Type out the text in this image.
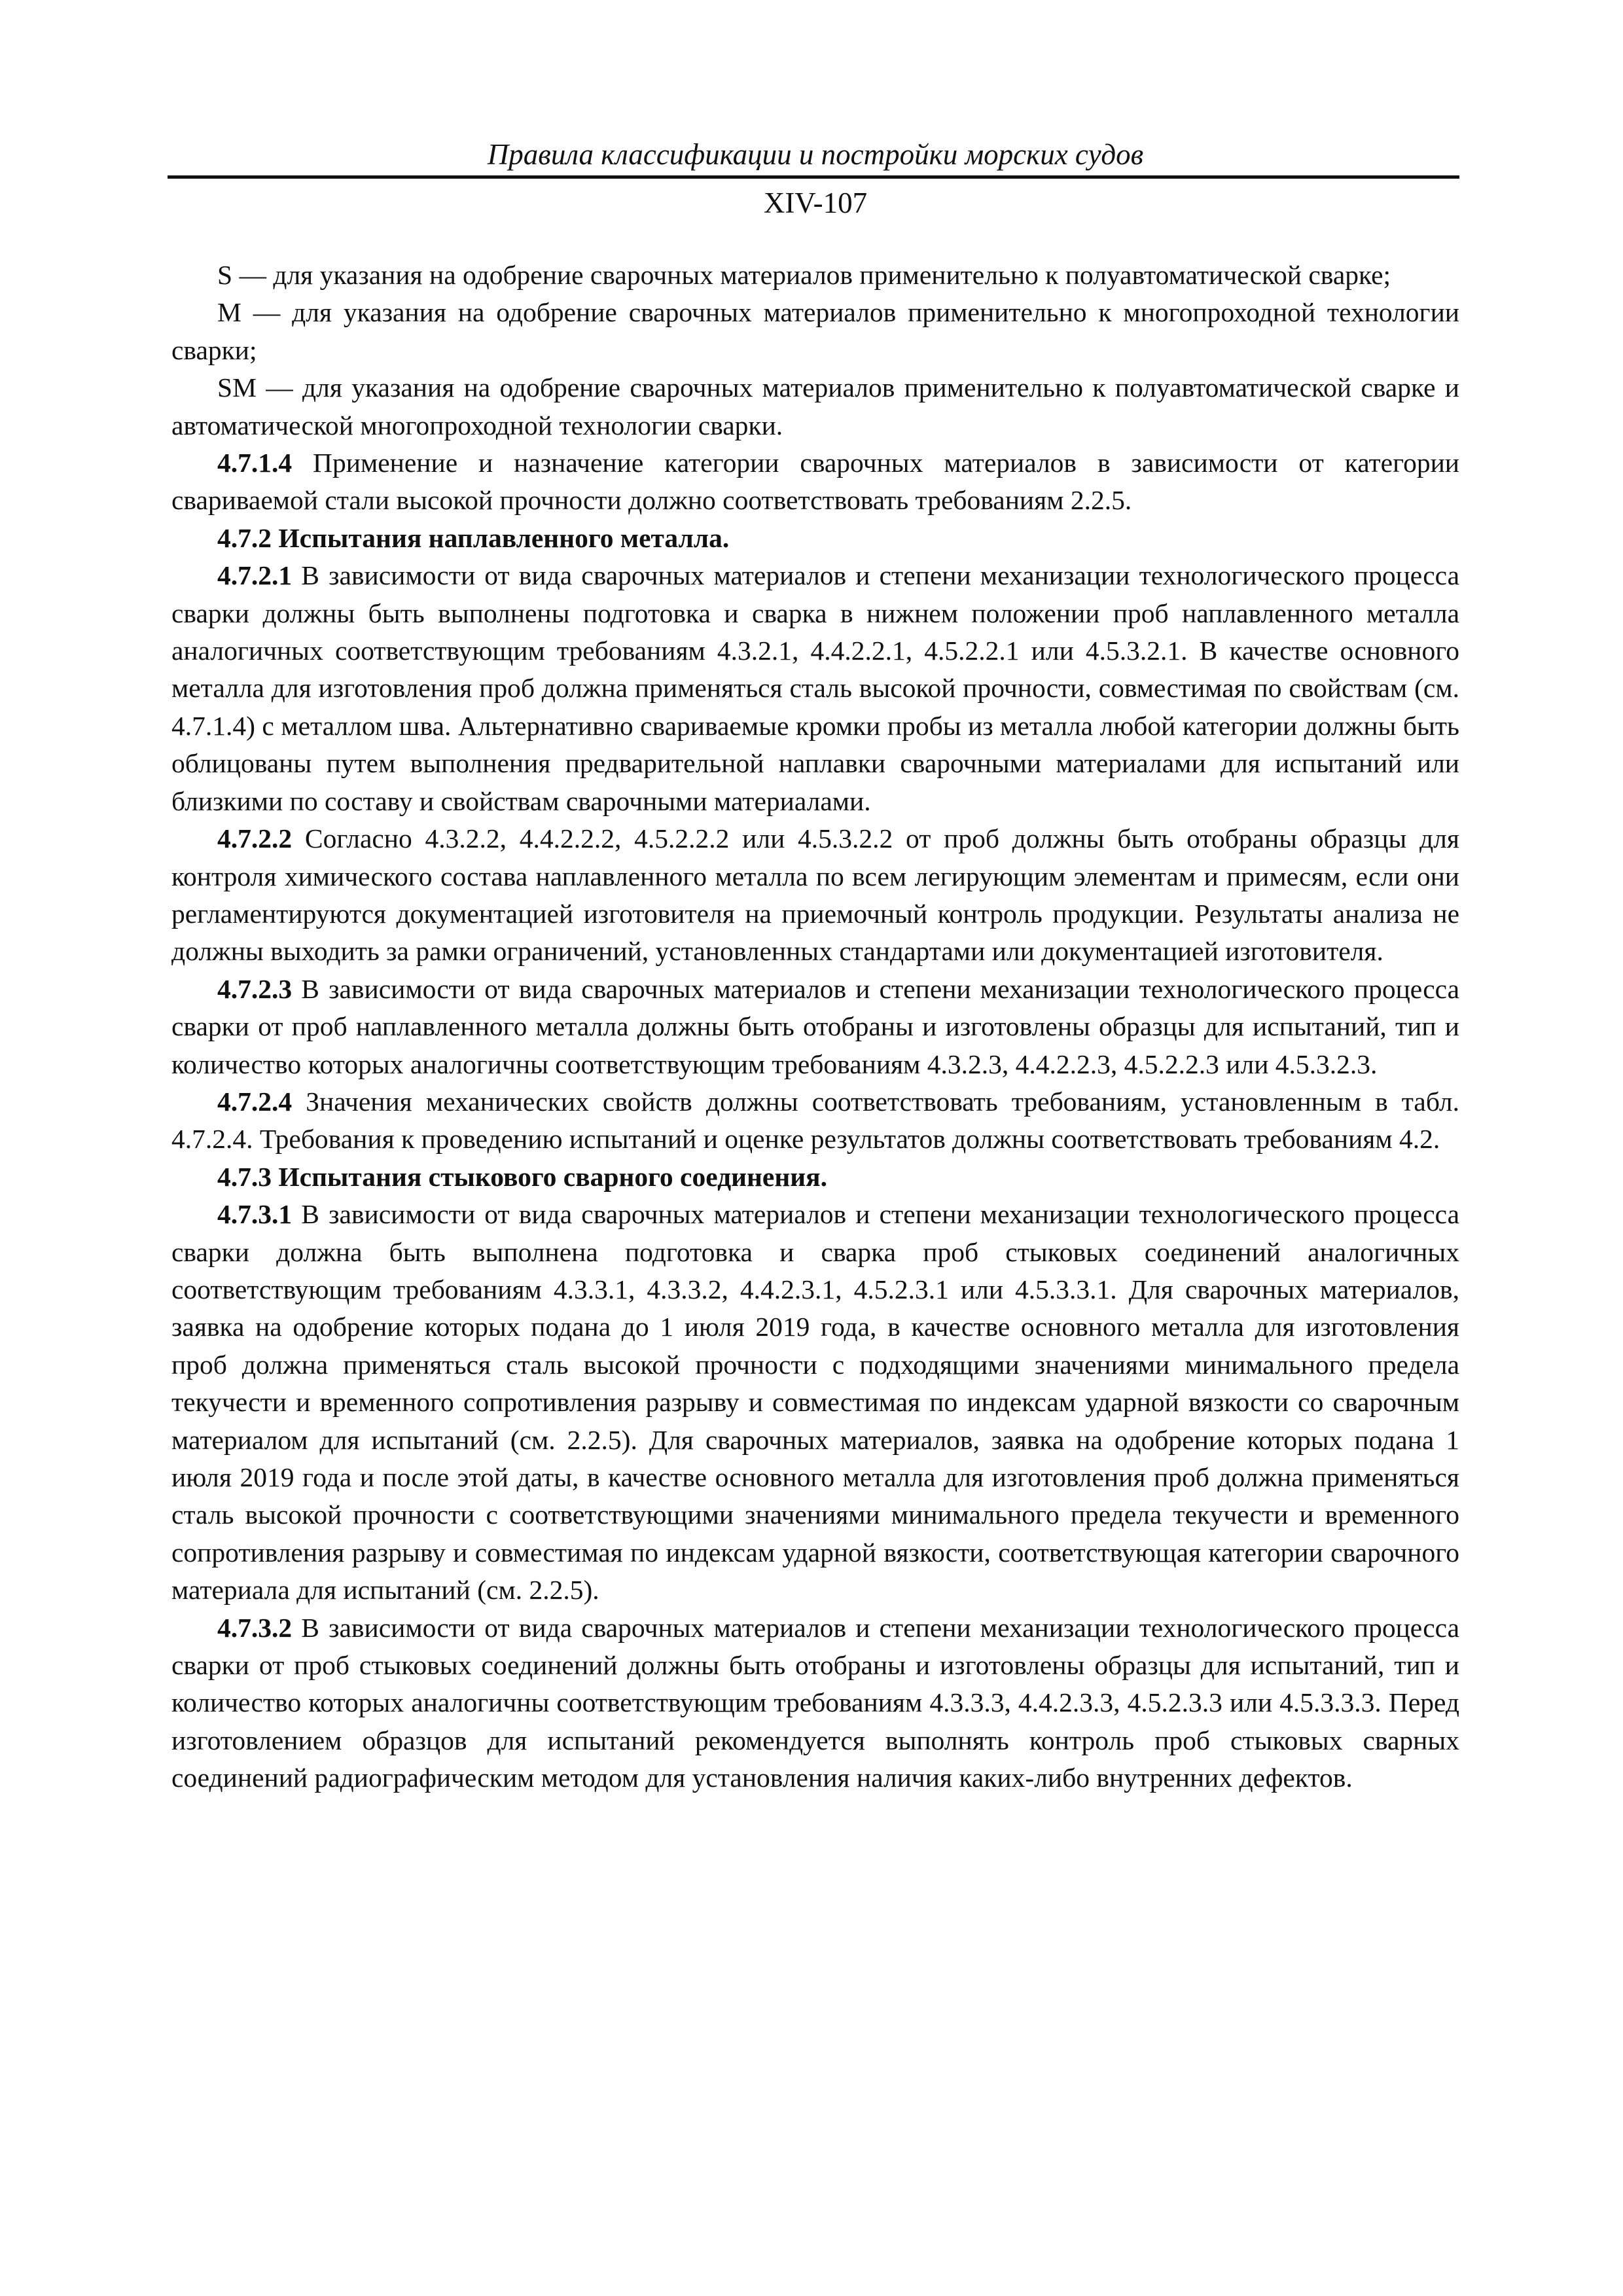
Правила классификации и постройки морских судов
XIV-107

S — для указания на одобрение сварочных материалов применительно к полуавтоматической сварке;

M — для указания на одобрение сварочных материалов применительно к многопроходной технологии сварки;

SM — для указания на одобрение сварочных материалов применительно к полуавтоматической сварке и автоматической многопроходной технологии сварки.

4.7.1.4 Применение и назначение категории сварочных материалов в зависимости от категории свариваемой стали высокой прочности должно соответствовать требованиям 2.2.5.

4.7.2 Испытания наплавленного металла.

4.7.2.1 В зависимости от вида сварочных материалов и степени механизации технологического процесса сварки должны быть выполнены подготовка и сварка в нижнем положении проб наплавленного металла аналогичных соответствующим требованиям 4.3.2.1, 4.4.2.2.1, 4.5.2.2.1 или 4.5.3.2.1. В качестве основного металла для изготовления проб должна применяться сталь высокой прочности, совместимая по свойствам (см. 4.7.1.4) с металлом шва. Альтернативно свариваемые кромки пробы из металла любой категории должны быть облицованы путем выполнения предварительной наплавки сварочными материалами для испытаний или близкими по составу и свойствам сварочными материалами.

4.7.2.2 Согласно 4.3.2.2, 4.4.2.2.2, 4.5.2.2.2 или 4.5.3.2.2 от проб должны быть отобраны образцы для контроля химического состава наплавленного металла по всем легирующим элементам и примесям, если они регламентируются документацией изготовителя на приемочный контроль продукции. Результаты анализа не должны выходить за рамки ограничений, установленных стандартами или документацией изготовителя.

4.7.2.3 В зависимости от вида сварочных материалов и степени механизации технологического процесса сварки от проб наплавленного металла должны быть отобраны и изготовлены образцы для испытаний, тип и количество которых аналогичны соответствующим требованиям 4.3.2.3, 4.4.2.2.3, 4.5.2.2.3 или 4.5.3.2.3.

4.7.2.4 Значения механических свойств должны соответствовать требованиям, установленным в табл. 4.7.2.4. Требования к проведению испытаний и оценке результатов должны соответствовать требованиям 4.2.

4.7.3 Испытания стыкового сварного соединения.

4.7.3.1 В зависимости от вида сварочных материалов и степени механизации технологического процесса сварки должна быть выполнена подготовка и сварка проб стыковых соединений аналогичных соответствующим требованиям 4.3.3.1, 4.3.3.2, 4.4.2.3.1, 4.5.2.3.1 или 4.5.3.3.1. Для сварочных материалов, заявка на одобрение которых подана до 1 июля 2019 года, в качестве основного металла для изготовления проб должна применяться сталь высокой прочности с подходящими значениями минимального предела текучести и временного сопротивления разрыву и совместимая по индексам ударной вязкости со сварочным материалом для испытаний (см. 2.2.5). Для сварочных материалов, заявка на одобрение которых подана 1 июля 2019 года и после этой даты, в качестве основного металла для изготовления проб должна применяться сталь высокой прочности с соответствующими значениями минимального предела текучести и временного сопротивления разрыву и совместимая по индексам ударной вязкости, соответствующая категории сварочного материала для испытаний (см. 2.2.5).

4.7.3.2 В зависимости от вида сварочных материалов и степени механизации технологического процесса сварки от проб стыковых соединений должны быть отобраны и изготовлены образцы для испытаний, тип и количество которых аналогичны соответствующим требованиям 4.3.3.3, 4.4.2.3.3, 4.5.2.3.3 или 4.5.3.3.3. Перед изготовлением образцов для испытаний рекомендуется выполнять контроль проб стыковых сварных соединений радиографическим методом для установления наличия каких-либо внутренних дефектов.
